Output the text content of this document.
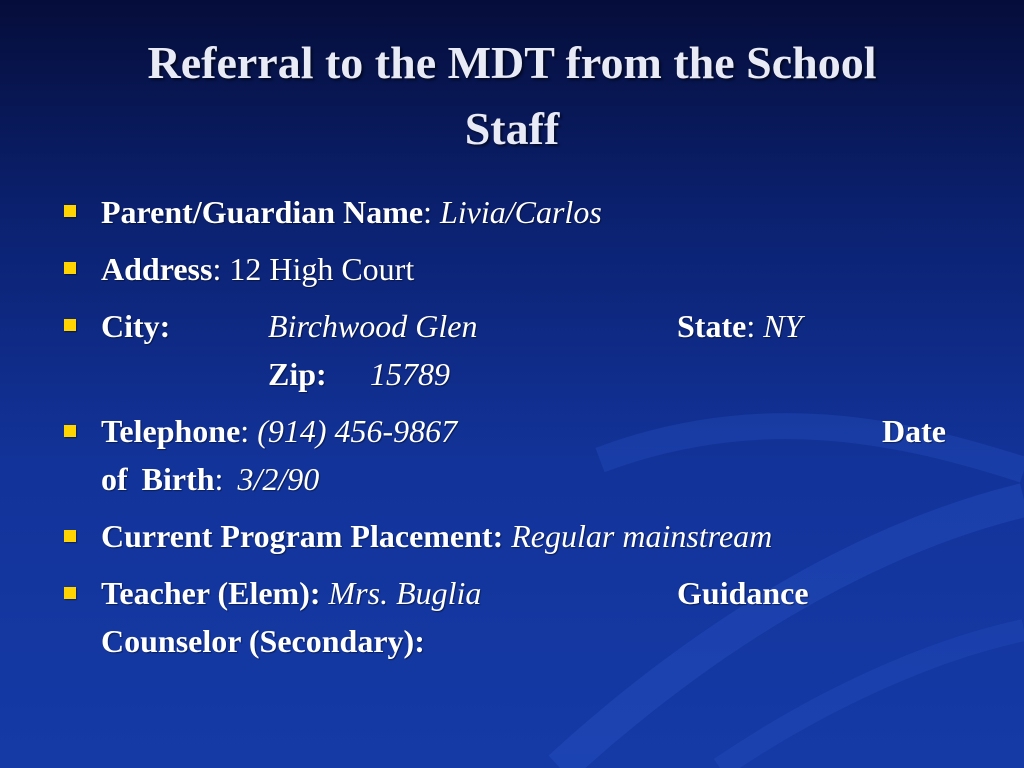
Referral to the MDT from the School
Staff
Parent/Guardian Name: Livia/Carlos
Address: 12 High Court
City:	Birchwood Glen	State: NY
Zip: 15789
Telephone: (914) 456-9867	Date
of Birth: 3/2/90
Current Program Placement: Regular mainstream
Teacher (Elem): Mrs. Buglia	Guidance
Counselor (Secondary):
